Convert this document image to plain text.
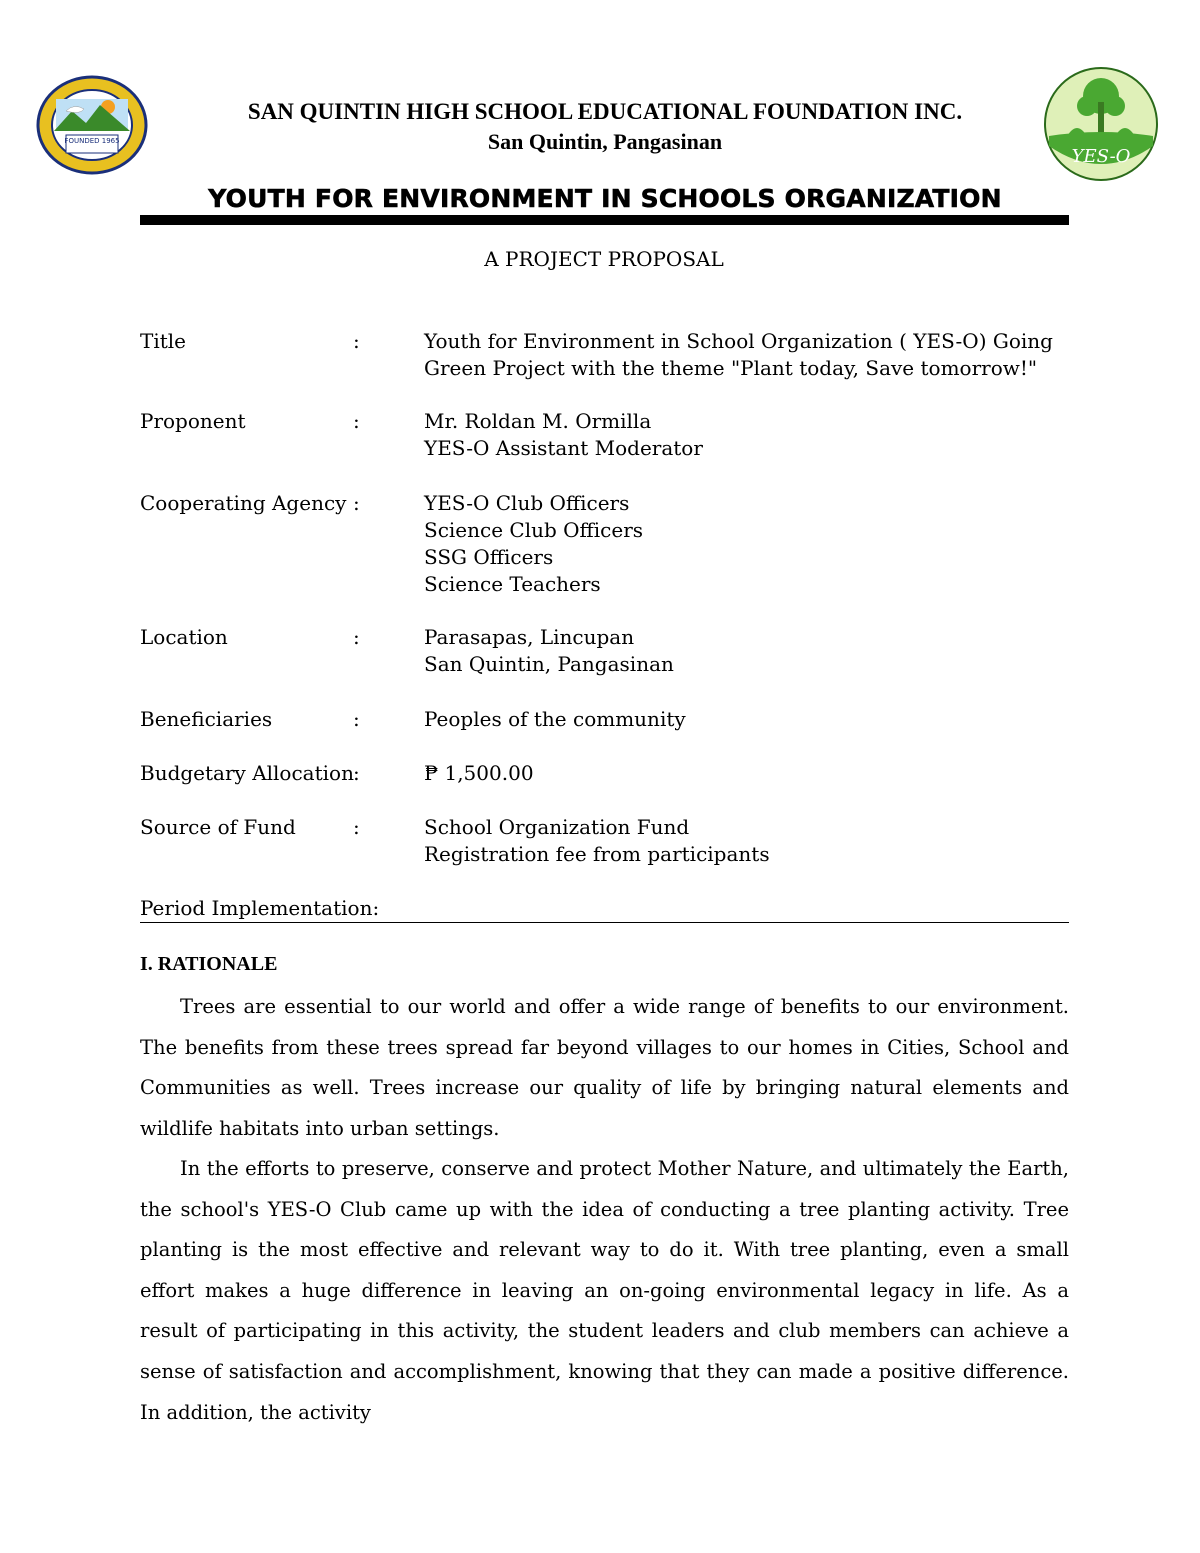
FOUNDED 1965
YES-O
SAN QUINTIN HIGH SCHOOL EDUCATIONAL FOUNDATION INC.
San Quintin, Pangasinan
YOUTH FOR ENVIRONMENT IN SCHOOLS ORGANIZATION
A PROJECT PROPOSAL
Title	:	Youth for Environment in School Organization ( YES-O) Going
Green Project with the theme "Plant today, Save tomorrow!"
Proponent	:	Mr. Roldan M. Ormilla
YES-O Assistant Moderator
Cooperating Agency :	YES-O Club Officers
Science Club Officers
SSG Officers
Science Teachers
Location	:	Parasapas, Lincupan
San Quintin, Pangasinan
Beneficiaries	:	Peoples of the community
Budgetary Allocation :	₱ 1,500.00
Source of Fund	:	School Organization Fund
Registration fee from participants
Period Implementation:
I. RATIONALE

Trees are essential to our world and offer a wide range of benefits to our environment. The benefits from these trees spread far beyond villages to our homes in Cities, School and Communities as well. Trees increase our quality of life by bringing natural elements and wildlife habitats into urban settings.

In the efforts to preserve, conserve and protect Mother Nature, and ultimately the Earth, the school's YES-O Club came up with the idea of conducting a tree planting activity. Tree planting is the most effective and relevant way to do it. With tree planting, even a small effort makes a huge difference in leaving an on-going environmental legacy in life. As a result of participating in this activity, the student leaders and club members can achieve a sense of satisfaction and accomplishment, knowing that they can made a positive difference. In addition, the activity
